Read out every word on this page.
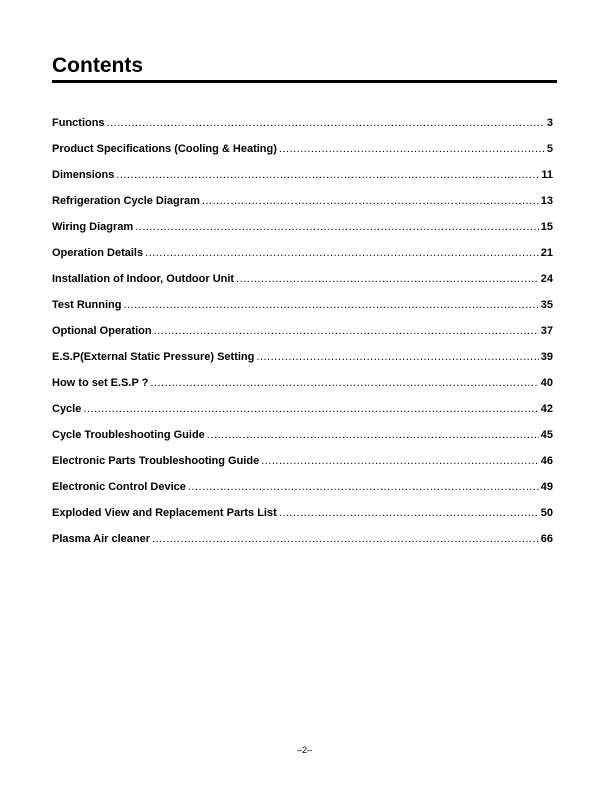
Contents
Functions .....	3
Product Specifications (Cooling & Heating) .....	5
Dimensions .....	11
Refrigeration Cycle Diagram .....	13
Wiring Diagram .....	15
Operation Details .....	21
Installation of Indoor, Outdoor Unit .....	24
Test Running .....	35
Optional Operation .....	37
E.S.P(External Static Pressure) Setting .....	39
How to set E.S.P ? .....	40
Cycle .....	42
Cycle Troubleshooting Guide .....	45
Electronic Parts Troubleshooting Guide .....	46
Electronic Control Device .....	49
Exploded View and Replacement Parts List .....	50
Plasma Air cleaner .....	66
–2–
